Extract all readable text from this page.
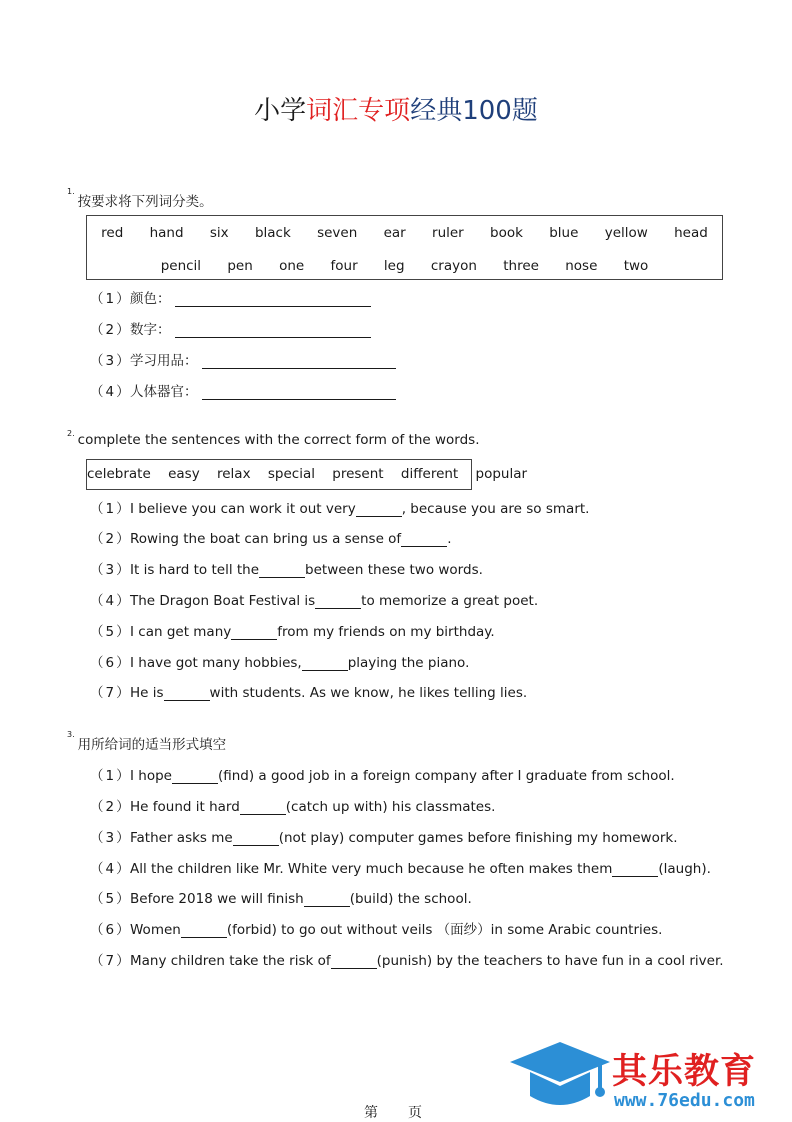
小学词汇专项经典100题
$^{1.}$按要求将下列词分类。
red hand six black seven ear ruler book blue yellow head
pencil pen one four leg crayon three nose two
（1）颜色：
（2）数字：
（3）学习用品：
（4）人体器官：
$^{2.}$ complete the sentences with the correct form of the words.
celebrate easy relax special present different popular
（1）I believe you can work it out very	, because you are so smart.
（2）Rowing the boat can bring us a sense of	.
（3）It is hard to tell the	between these two words.
（4）The Dragon Boat Festival is	to memorize a great poet.
（5）I can get many	from my friends on my birthday.
（6）I have got many hobbies,	playing the piano.
（7）He is	with students. As we know, he likes telling lies.
$^{3.}$用所给词的适当形式填空
（1）I hope	(find) a good job in a foreign company after I graduate from school.
（2）He found it hard	(catch up with) his classmates.
（3）Father asks me	(not play) computer games before finishing my homework.
（4）All the children like Mr. White very much because he often makes them	(laugh).
（5）Before 2018 we will finish	(build) the school.
（6）Women	(forbid) to go out without veils （面纱）in some Arabic countries.
（7）Many children take the risk of	(punish) by the teachers to have fun in a cool river.
第 页
其乐教育
www.76edu.com
